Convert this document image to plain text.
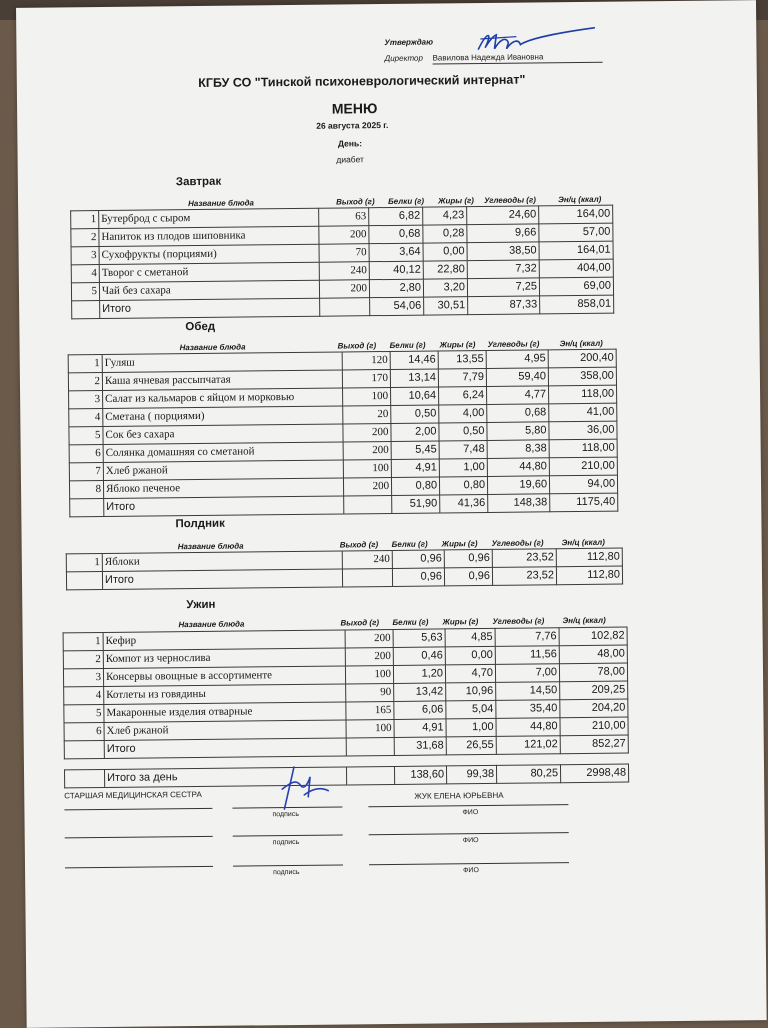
Утверждаю
Директор Вавилова Надежда Ивановна
КГБУ СО "Тинской психоневрологический интернат"
МЕНЮ
26 августа 2025 г.
День:
диабет
Завтрак
Название блюда	Выход (г) Белки (г) Жиры (г) Углеводы (г)	Эн/ц (ккал)
1	Бутерброд с сыром	63	6,82	4,23	24,60	164,00
2	Напиток из плодов шиповника	200	0,68	0,28	9,66	57,00
3	Сухофрукты (порциями)	70	3,64	0,00	38,50	164,01
4	Творог с сметаной	240	40,12	22,80	7,32	404,00
5	Чай без сахара	200	2,80	3,20	7,25	69,00
	Итого		54,06	30,51	87,33	858,01
Обед
Название блюда	Выход (г) Белки (г) Жиры (г) Углеводы (г)	Эн/ц (ккал)
1	Гуляш	120	14,46	13,55	4,95	200,40
2	Каша ячневая рассыпчатая	170	13,14	7,79	59,40	358,00
3	Салат из кальмаров с яйцом и морковью	100	10,64	6,24	4,77	118,00
4	Сметана ( порциями)	20	0,50	4,00	0,68	41,00
5	Сок без сахара	200	2,00	0,50	5,80	36,00
6	Солянка домашняя со сметаной	200	5,45	7,48	8,38	118,00
7	Хлеб ржаной	100	4,91	1,00	44,80	210,00
8	Яблоко печеное	200	0,80	0,80	19,60	94,00
	Итого		51,90	41,36	148,38	1175,40
Полдник
Название блюда	Выход (г) Белки (г) Жиры (г) Углеводы (г) Эн/ц (ккал)
1	Яблоки	240	0,96	0,96	23,52	112,80
	Итого		0,96	0,96	23,52	112,80
Ужин
Название блюда	Выход (г) Белки (г) Жиры (г) Углеводы (г) Эн/ц (ккал)
1	Кефир	200	5,63	4,85	7,76	102,82
2	Компот из чернослива	200	0,46	0,00	11,56	48,00
3	Консервы овощные в ассортименте	100	1,20	4,70	7,00	78,00
4	Котлеты из говядины	90	13,42	10,96	14,50	209,25
5	Макаронные изделия отварные	165	6,06	5,04	35,40	204,20
6	Хлеб ржаной	100	4,91	1,00	44,80	210,00
	Итого		31,68	26,55	121,02	852,27
	Итого за день		138,60	99,38	80,25	2998,48
СТАРШАЯ МЕДИЦИНСКАЯ СЕСТРА
подпись
ЖУК ЕЛЕНА ЮРЬЕВНА
ФИО
подпись	ФИО
подпись	ФИО
